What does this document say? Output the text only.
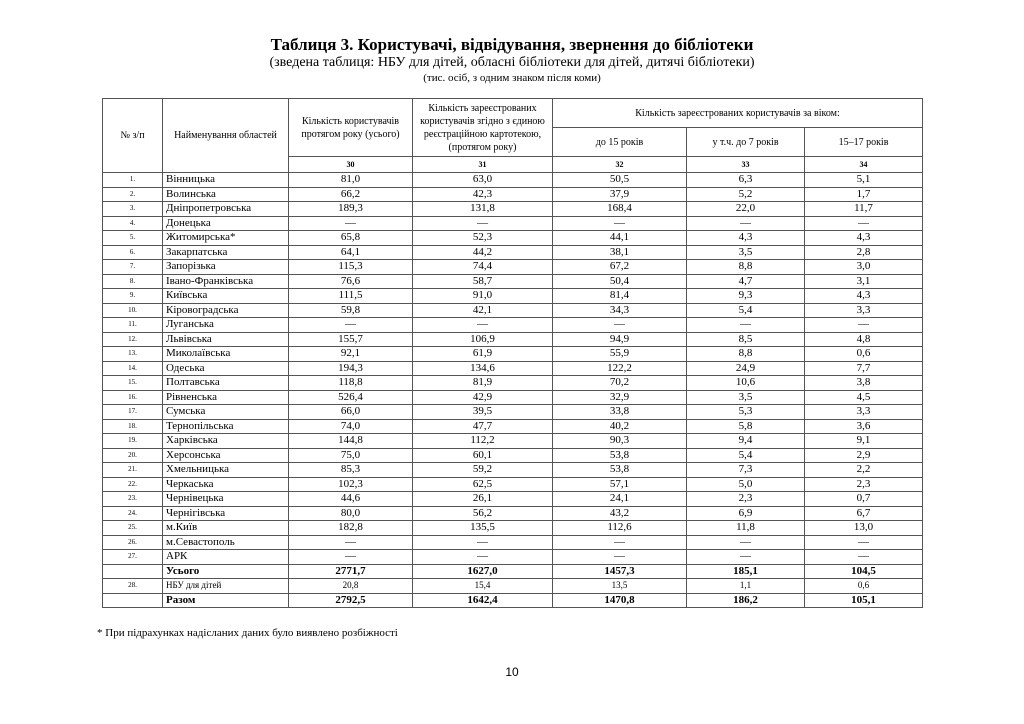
Таблиця 3. Користувачі, відвідування, звернення до бібліотеки
(зведена таблиця: НБУ для дітей, обласні бібліотеки для дітей, дитячі бібліотеки)
(тис. осіб, з одним знаком після коми)
№ з/п	Найменування областей	Кількість користувачів протягом року (усього)	Кількість зареєстрованих користувачів згідно з єдиною реєстраційною картотекою, (протягом року)	Кількість зареєстрованих користувачів за віком:		
				до 15 років	у т.ч. до 7 років	15–17 років
		30	31	32	33	34
1.	Вінницька	81,0	63,0	50,5	6,3	5,1
2.	Волинська	66,2	42,3	37,9	5,2	1,7
3.	Дніпропетровська	189,3	131,8	168,4	22,0	11,7
4.	Донецька	—	—	—	—	—
5.	Житомирська*	65,8	52,3	44,1	4,3	4,3
6.	Закарпатська	64,1	44,2	38,1	3,5	2,8
7.	Запорізька	115,3	74,4	67,2	8,8	3,0
8.	Івано-Франківська	76,6	58,7	50,4	4,7	3,1
9.	Київська	111,5	91,0	81,4	9,3	4,3
10.	Кіровоградська	59,8	42,1	34,3	5,4	3,3
11.	Луганська	—	—	—	—	—
12.	Львівська	155,7	106,9	94,9	8,5	4,8
13.	Миколаївська	92,1	61,9	55,9	8,8	0,6
14.	Одеська	194,3	134,6	122,2	24,9	7,7
15.	Полтавська	118,8	81,9	70,2	10,6	3,8
16.	Рівненська	526,4	42,9	32,9	3,5	4,5
17.	Сумська	66,0	39,5	33,8	5,3	3,3
18.	Тернопільська	74,0	47,7	40,2	5,8	3,6
19.	Харківська	144,8	112,2	90,3	9,4	9,1
20.	Херсонська	75,0	60,1	53,8	5,4	2,9
21.	Хмельницька	85,3	59,2	53,8	7,3	2,2
22.	Черкаська	102,3	62,5	57,1	5,0	2,3
23.	Чернівецька	44,6	26,1	24,1	2,3	0,7
24.	Чернігівська	80,0	56,2	43,2	6,9	6,7
25.	м.Київ	182,8	135,5	112,6	11,8	13,0
26.	м.Севастополь	—	—	—	—	—
27.	АРК	—	—	—	—	—
	Усього	2771,7	1627,0	1457,3	185,1	104,5
28.	НБУ для дітей	20,8	15,4	13,5	1,1	0,6
	Разом	2792,5	1642,4	1470,8	186,2	105,1
* При підрахунках надісланих даних було виявлено розбіжності
10
